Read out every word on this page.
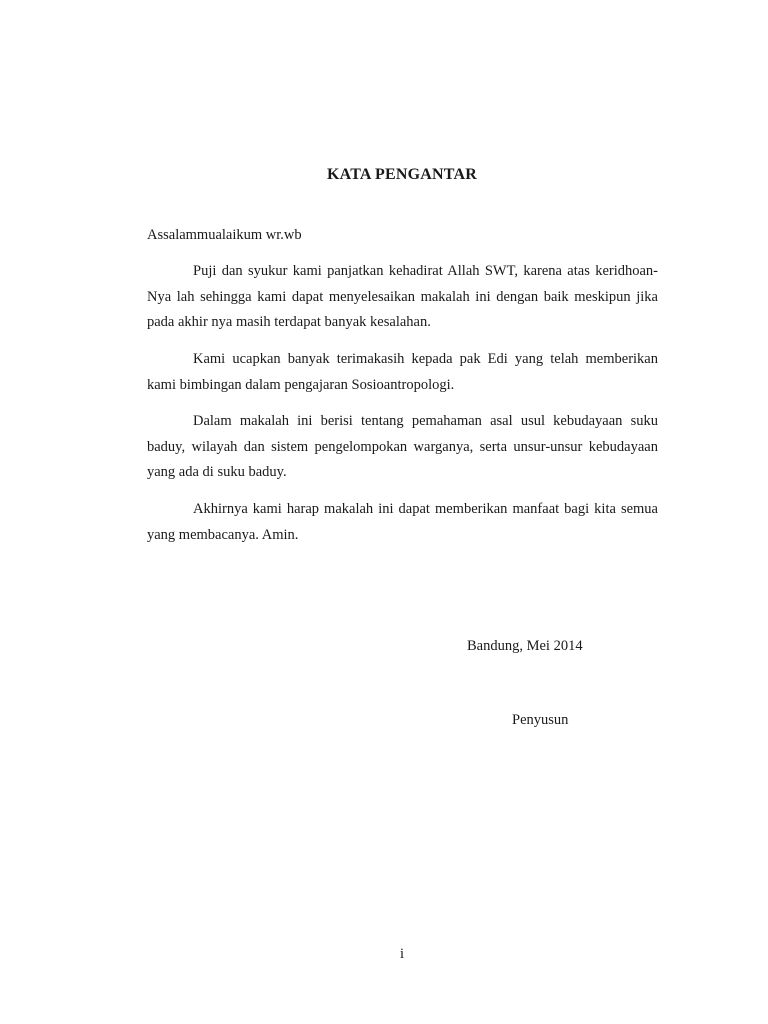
KATA PENGANTAR
Assalammualaikum wr.wb

Puji dan syukur kami panjatkan kehadirat Allah SWT, karena atas keridhoan-Nya lah sehingga kami dapat menyelesaikan makalah ini dengan baik meskipun jika pada akhir nya masih terdapat banyak kesalahan.

Kami ucapkan banyak terimakasih kepada pak Edi yang telah memberikan kami bimbingan dalam pengajaran Sosioantropologi.

Dalam makalah ini berisi tentang pemahaman asal usul kebudayaan suku baduy, wilayah dan sistem pengelompokan warganya, serta unsur-unsur kebudayaan yang ada di suku baduy.

Akhirnya kami harap makalah ini dapat memberikan manfaat bagi kita semua yang membacanya. Amin.

Bandung, Mei 2014
Penyusun
i
